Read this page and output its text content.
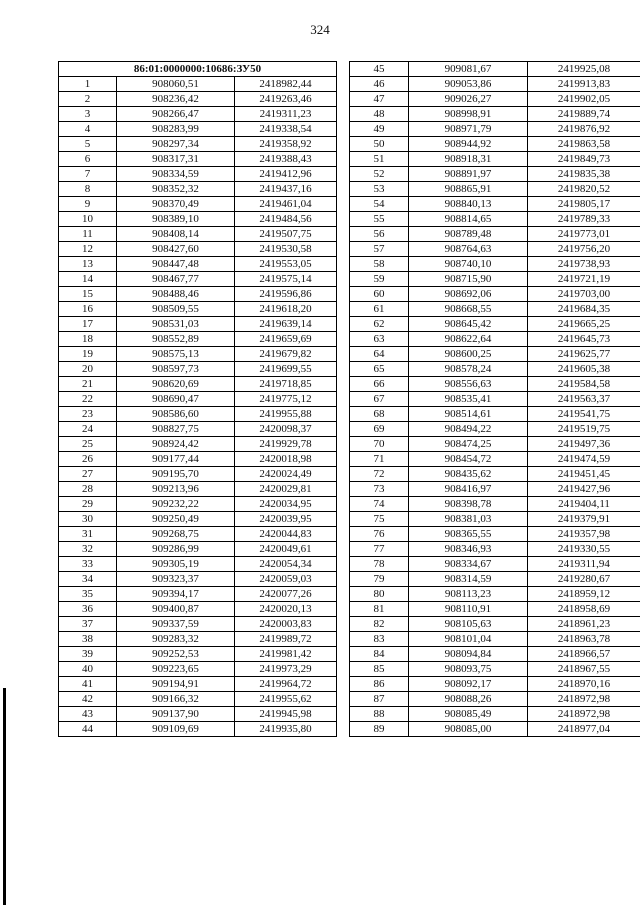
324
86:01:0000000:10686:ЗУ50		
1	908060,51	2418982,44
2	908236,42	2419263,46
3	908266,47	2419311,23
4	908283,99	2419338,54
5	908297,34	2419358,92
6	908317,31	2419388,43
7	908334,59	2419412,96
8	908352,32	2419437,16
9	908370,49	2419461,04
10	908389,10	2419484,56
11	908408,14	2419507,75
12	908427,60	2419530,58
13	908447,48	2419553,05
14	908467,77	2419575,14
15	908488,46	2419596,86
16	908509,55	2419618,20
17	908531,03	2419639,14
18	908552,89	2419659,69
19	908575,13	2419679,82
20	908597,73	2419699,55
21	908620,69	2419718,85
22	908690,47	2419775,12
23	908586,60	2419955,88
24	908827,75	2420098,37
25	908924,42	2419929,78
26	909177,44	2420018,98
27	909195,70	2420024,49
28	909213,96	2420029,81
29	909232,22	2420034,95
30	909250,49	2420039,95
31	909268,75	2420044,83
32	909286,99	2420049,61
33	909305,19	2420054,34
34	909323,37	2420059,03
35	909394,17	2420077,26
36	909400,87	2420020,13
37	909337,59	2420003,83
38	909283,32	2419989,72
39	909252,53	2419981,42
40	909223,65	2419973,29
41	909194,91	2419964,72
42	909166,32	2419955,62
43	909137,90	2419945,98
44	909109,69	2419935,80
45	909081,67	2419925,08
46	909053,86	2419913,83
47	909026,27	2419902,05
48	908998,91	2419889,74
49	908971,79	2419876,92
50	908944,92	2419863,58
51	908918,31	2419849,73
52	908891,97	2419835,38
53	908865,91	2419820,52
54	908840,13	2419805,17
55	908814,65	2419789,33
56	908789,48	2419773,01
57	908764,63	2419756,20
58	908740,10	2419738,93
59	908715,90	2419721,19
60	908692,06	2419703,00
61	908668,55	2419684,35
62	908645,42	2419665,25
63	908622,64	2419645,73
64	908600,25	2419625,77
65	908578,24	2419605,38
66	908556,63	2419584,58
67	908535,41	2419563,37
68	908514,61	2419541,75
69	908494,22	2419519,75
70	908474,25	2419497,36
71	908454,72	2419474,59
72	908435,62	2419451,45
73	908416,97	2419427,96
74	908398,78	2419404,11
75	908381,03	2419379,91
76	908365,55	2419357,98
77	908346,93	2419330,55
78	908334,67	2419311,94
79	908314,59	2419280,67
80	908113,23	2418959,12
81	908110,91	2418958,69
82	908105,63	2418961,23
83	908101,04	2418963,78
84	908094,84	2418966,57
85	908093,75	2418967,55
86	908092,17	2418970,16
87	908088,26	2418972,98
88	908085,49	2418972,98
89	908085,00	2418977,04
